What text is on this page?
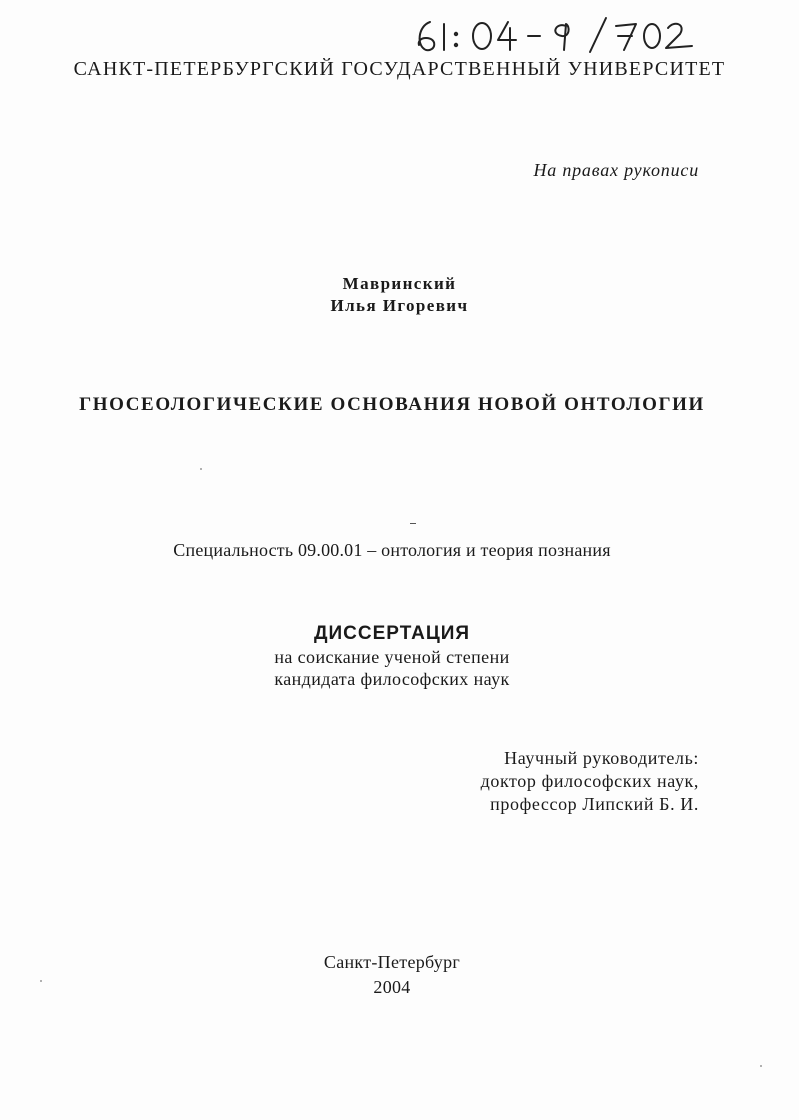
САНКТ-ПЕТЕРБУРГСКИЙ ГОСУДАРСТВЕННЫЙ УНИВЕРСИТЕТ
На правах рукописи
Мавринский
Илья Игоревич
ГНОСЕОЛОГИЧЕСКИЕ ОСНОВАНИЯ НОВОЙ ОНТОЛОГИИ
Специальность 09.00.01 – онтология и теория познания
ДИССЕРТАЦИЯ
на соискание ученой степени
кандидата философских наук
Научный руководитель:
доктор философских наук,
профессор Липский Б. И.
Санкт-Петербург
2004
